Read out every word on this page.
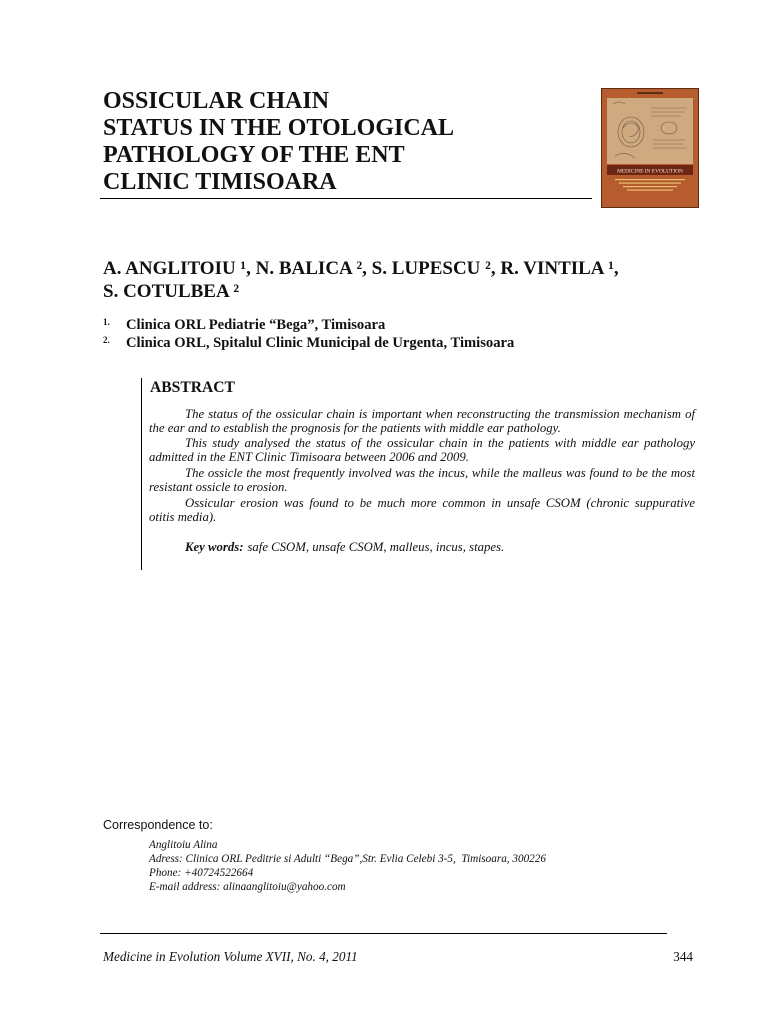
OSSICULAR CHAIN
STATUS IN THE OTOLOGICAL
PATHOLOGY OF THE ENT
CLINIC TIMISOARA	MEDICINE IN EVOLUTION
A. ANGLITOIU ¹, N. BALICA ², S. LUPESCU ², R. VINTILA ¹,
S. COTULBEA ²
1. Clinica ORL Pediatrie “Bega”, Timisoara
2. Clinica ORL, Spitalul Clinic Municipal de Urgenta, Timisoara
ABSTRACT
The status of the ossicular chain is important when reconstructing the transmission mechanism of
the ear and to establish the prognosis for the patients with middle ear pathology.
This study analysed the status of the ossicular chain in the patients with middle ear pathology
admitted in the ENT Clinic Timisoara between 2006 and 2009.
The ossicle the most frequently involved was the incus, while the malleus was found to be the most
resistant ossicle to erosion.
Ossicular erosion was found to be much more common in unsafe CSOM (chronic suppurative
otitis media).
Key words: safe CSOM, unsafe CSOM, malleus, incus, stapes.
Correspondence to:
Anglitoiu Alina
Adress: Clinica ORL Peditrie si Adulti “Bega”,Str. Evlia Celebi 3-5,  Timisoara, 300226
Phone: +40724522664
E-mail address: alinaanglitoiu@yahoo.com
Medicine in Evolution Volume XVII, No. 4, 2011	344
